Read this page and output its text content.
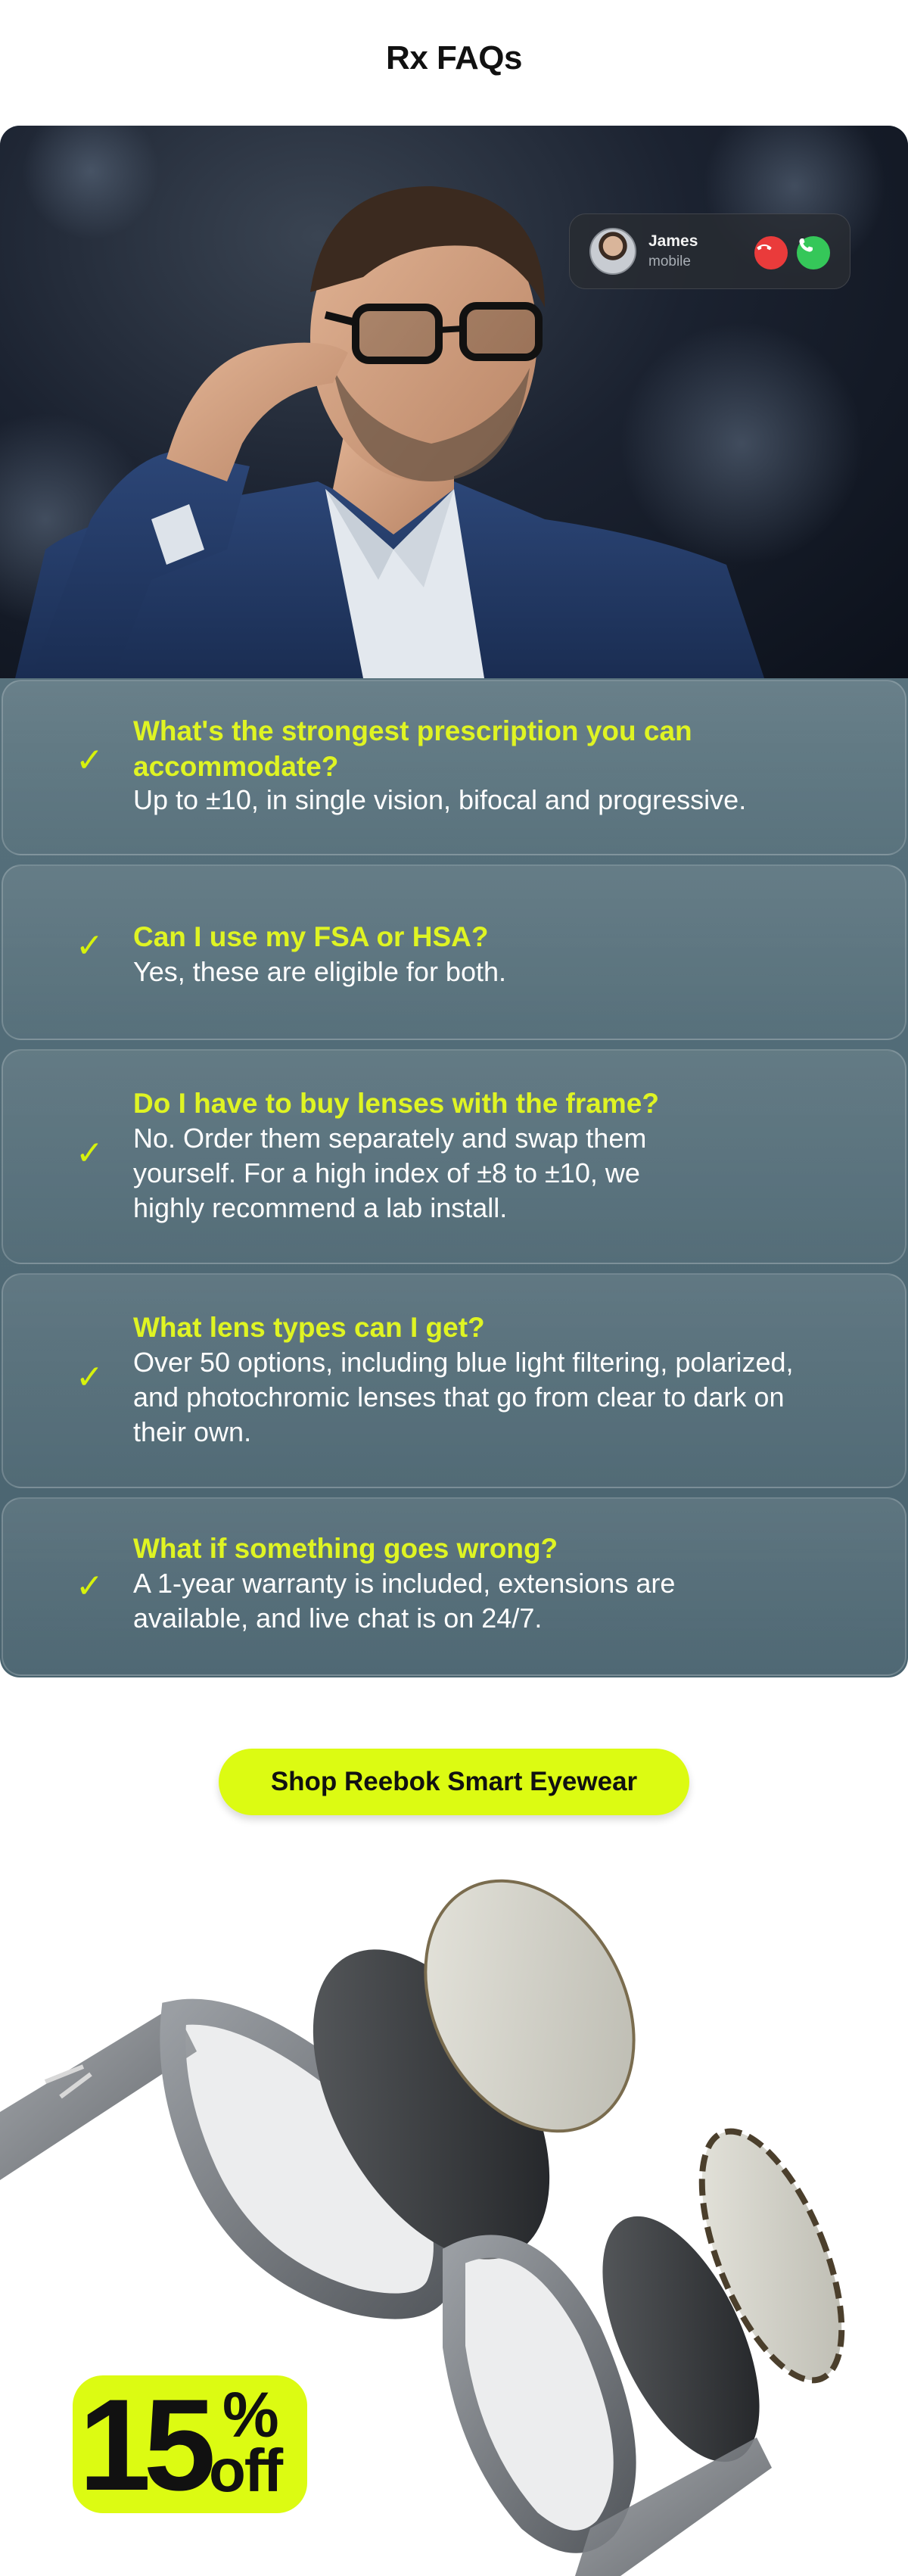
Rx FAQs
James
mobile
✓
What's the strongest prescription you can accommodate?
Up to ±10, in single vision, bifocal and progressive.
✓ Can I use my FSA or HSA?
Yes, these are eligible for both.
✓
Do I have to buy lenses with the frame?
No. Order them separately and swap them yourself. For a high index of ±8 to ±10, we highly recommend a lab install.
✓
What lens types can I get?
Over 50 options, including blue light filtering, polarized, and photochromic lenses that go from clear to dark on their own.
✓
What if something goes wrong?
A 1-year warranty is included, extensions are available, and live chat is on 24/7.
Shop Reebok Smart Eyewear
15 %
off
